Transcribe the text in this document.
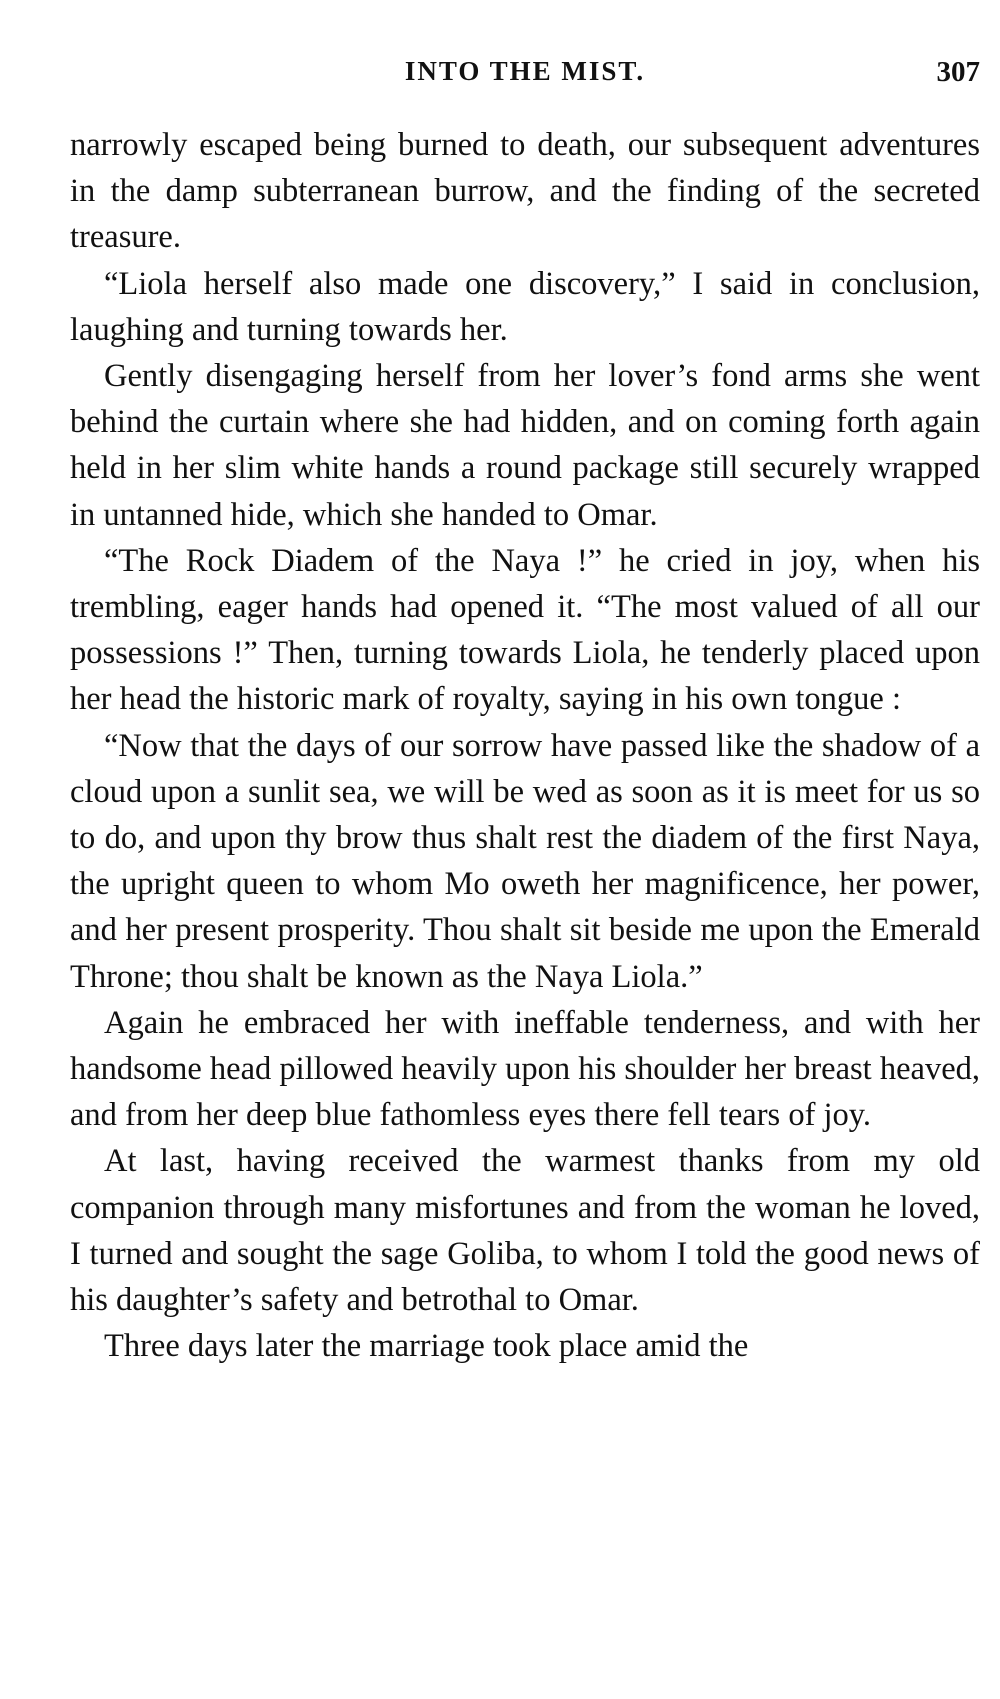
INTO THE MIST.	307

narrowly escaped being burned to death, our subsequent adventures in the damp subterranean burrow, and the finding of the secreted treasure.

“Liola herself also made one discovery,” I said in conclusion, laughing and turning towards her.

Gently disengaging herself from her lover’s fond arms she went behind the curtain where she had hidden, and on coming forth again held in her slim white hands a round package still securely wrapped in untanned hide, which she handed to Omar.

“The Rock Diadem of the Naya !” he cried in joy, when his trembling, eager hands had opened it. “The most valued of all our possessions !” Then, turning towards Liola, he tenderly placed upon her head the historic mark of royalty, saying in his own tongue :

“Now that the days of our sorrow have passed like the shadow of a cloud upon a sunlit sea, we will be wed as soon as it is meet for us so to do, and upon thy brow thus shalt rest the diadem of the first Naya, the upright queen to whom Mo oweth her magnificence, her power, and her present prosperity. Thou shalt sit beside me upon the Emerald Throne; thou shalt be known as the Naya Liola.”

Again he embraced her with ineffable tenderness, and with her handsome head pillowed heavily upon his shoulder her breast heaved, and from her deep blue fathomless eyes there fell tears of joy.

At last, having received the warmest thanks from my old companion through many misfortunes and from the woman he loved, I turned and sought the sage Goliba, to whom I told the good news of his daughter’s safety and betrothal to Omar.

Three days later the marriage took place amid the
